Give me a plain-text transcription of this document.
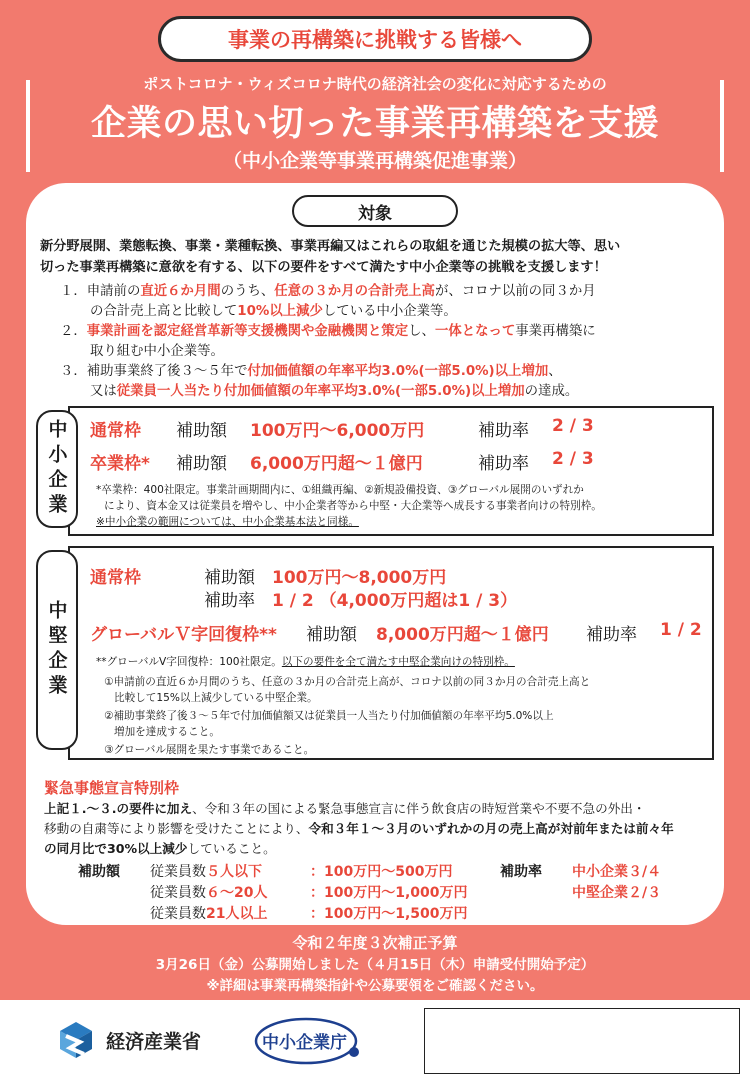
事業の再構築に挑戦する皆様へ
ポストコロナ・ウィズコロナ時代の経済社会の変化に対応するための
企業の思い切った事業再構築を支援
（中小企業等事業再構築促進事業）
対象
新分野展開、業態転換、事業・業種転換、事業再編又はこれらの取組を通じた規模の拡大等、思い
切った事業再構築に意欲を有する、以下の要件をすべて満たす中小企業等の挑戦を支援します！
１．申請前の直近６か月間のうち、任意の３か月の合計売上高が、コロナ以前の同３か月
の合計売上高と比較して10%以上減少している中小企業等。
２．事業計画を認定経営革新等支援機関や金融機関と策定し、一体となって事業再構築に
取り組む中小企業等。
３．補助事業終了後３～５年で付加価値額の年率平均3.0%(一部5.0%)以上増加、
又は従業員一人当たり付加価値額の年率平均3.0%(一部5.0%)以上増加の達成。
中小企業 通常枠 補助額 100万円～6,000万円	補助率 2 / 3
卒業枠* 補助額 6,000万円超～１億円	補助率 2 / 3
*卒業枠：400社限定。事業計画期間内に、①組織再編、②新規設備投資、③グローバル展開のいずれか
により、資本金又は従業員を増やし、中小企業者等から中堅・大企業等へ成長する事業者向けの特別枠。
※中小企業の範囲については、中小企業基本法と同様。
中堅企業
通常枠	補助額 100万円～8,000万円
補助率 1 / 2 （4,000万円超は1 / 3）
グローバルＶ字回復枠** 補助額 8,000万円超～１億円 補助率 1 / 2
**グローバルV字回復枠：100社限定。以下の要件を全て満たす中堅企業向けの特別枠。
①申請前の直近６か月間のうち、任意の３か月の合計売上高が、コロナ以前の同３か月の合計売上高と
比較して15%以上減少している中堅企業。
②補助事業終了後３～５年で付加価値額又は従業員一人当たり付加価値額の年率平均5.0%以上
増加を達成すること。
③グローバル展開を果たす事業であること。
緊急事態宣言特別枠
上記１.～３.の要件に加え、令和３年の国による緊急事態宣言に伴う飲食店の時短営業や不要不急の外出・
移動の自粛等により影響を受けたことにより、令和３年１～３月のいずれかの月の売上高が対前年または前々年
の同月比で30%以上減少していること。
補助額 従業員数５人以下	：100万円～500万円
従業員数６～20人	：100万円～1,000万円
従業員数21人以上	：100万円～1,500万円
補助率 中小企業３/４
中堅企業２/３
令和２年度３次補正予算
3月26日（金）公募開始しました（４月15日（木）申請受付開始予定）
※詳細は事業再構築指針や公募要領をご確認ください。
経済産業省	中小企業庁
